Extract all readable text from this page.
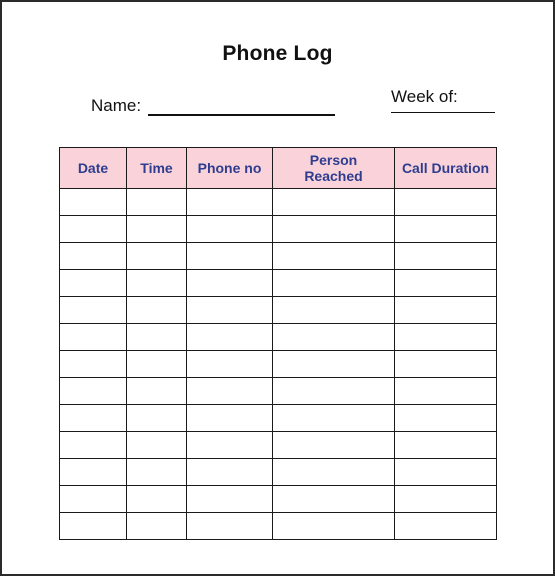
Phone Log
Name:	Week of:
Date	Time	Phone no	Person Reached	Call Duration
